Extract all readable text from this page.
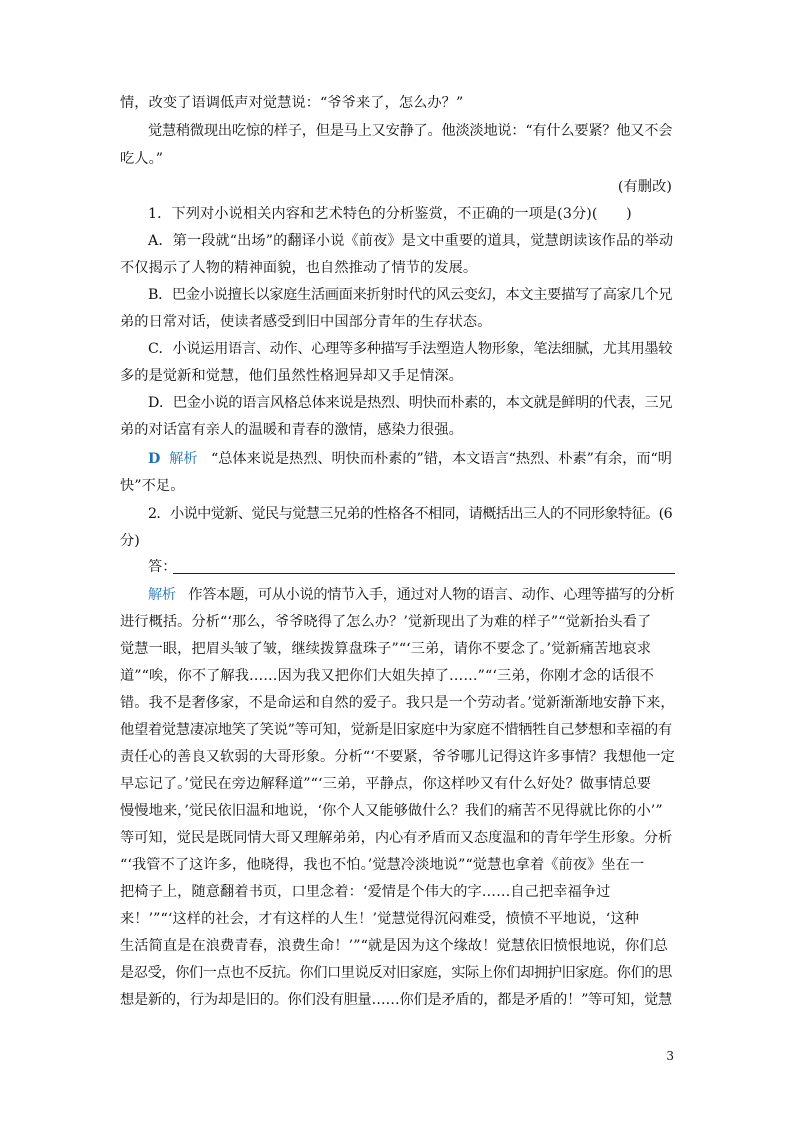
情，改变了语调低声对觉慧说：“爷爷来了，怎么办？”
觉慧稍微现出吃惊的样子，但是马上又安静了。他淡淡地说：“有什么要紧？他又不会
吃人。”
(有删改)
1．下列对小说相关内容和艺术特色的分析鉴赏，不正确的一项是(3分)(　　)
A．第一段就“出场”的翻译小说《前夜》是文中重要的道具，觉慧朗读该作品的举动
不仅揭示了人物的精神面貌，也自然推动了情节的发展。
B．巴金小说擅长以家庭生活画面来折射时代的风云变幻，本文主要描写了高家几个兄
弟的日常对话，使读者感受到旧中国部分青年的生存状态。
C．小说运用语言、动作、心理等多种描写手法塑造人物形象，笔法细腻，尤其用墨较
多的是觉新和觉慧，他们虽然性格迥异却又手足情深。
D．巴金小说的语言风格总体来说是热烈、明快而朴素的，本文就是鲜明的代表，三兄
弟的对话富有亲人的温暖和青春的激情，感染力很强。
D 解析 “总体来说是热烈、明快而朴素的”错，本文语言“热烈、朴素”有余，而“明
快”不足。
2．小说中觉新、觉民与觉慧三兄弟的性格各不相同，请概括出三人的不同形象特征。(6
分)
答：
解析 作答本题，可从小说的情节入手，通过对人物的语言、动作、心理等描写的分析
进行概括。分析“‘那么，爷爷晓得了怎么办？’觉新现出了为难的样子”“觉新抬头看了
觉慧一眼，把眉头皱了皱，继续拨算盘珠子”“‘三弟，请你不要念了。’觉新痛苦地哀求
道”“唉，你不了解我……因为我又把你们大姐失掉了……”“‘三弟，你刚才念的话很不
错。我不是奢侈家，不是命运和自然的爱子。我只是一个劳动者。’觉新渐渐地安静下来，
他望着觉慧凄凉地笑了笑说”等可知，觉新是旧家庭中为家庭不惜牺牲自己梦想和幸福的有
责任心的善良又软弱的大哥形象。分析“‘不要紧，爷爷哪儿记得这许多事情？我想他一定
早忘记了。’觉民在旁边解释道”“‘三弟，平静点，你这样吵又有什么好处？做事情总要
慢慢地来，’觉民依旧温和地说，‘你个人又能够做什么？我们的痛苦不见得就比你的小’”
等可知，觉民是既同情大哥又理解弟弟，内心有矛盾而又态度温和的青年学生形象。分析
“‘我管不了这许多，他晓得，我也不怕。’觉慧冷淡地说”“觉慧也拿着《前夜》坐在一
把椅子上，随意翻着书页，口里念着：‘爱情是个伟大的字……自己把幸福争过
来！’”“‘这样的社会，才有这样的人生！’觉慧觉得沉闷难受，愤愤不平地说，‘这种
生活简直是在浪费青春，浪费生命！’”“就是因为这个缘故！觉慧依旧愤恨地说，你们总
是忍受，你们一点也不反抗。你们口里说反对旧家庭，实际上你们却拥护旧家庭。你们的思
想是新的，行为却是旧的。你们没有胆量……你们是矛盾的，都是矛盾的！”等可知，觉慧
3
